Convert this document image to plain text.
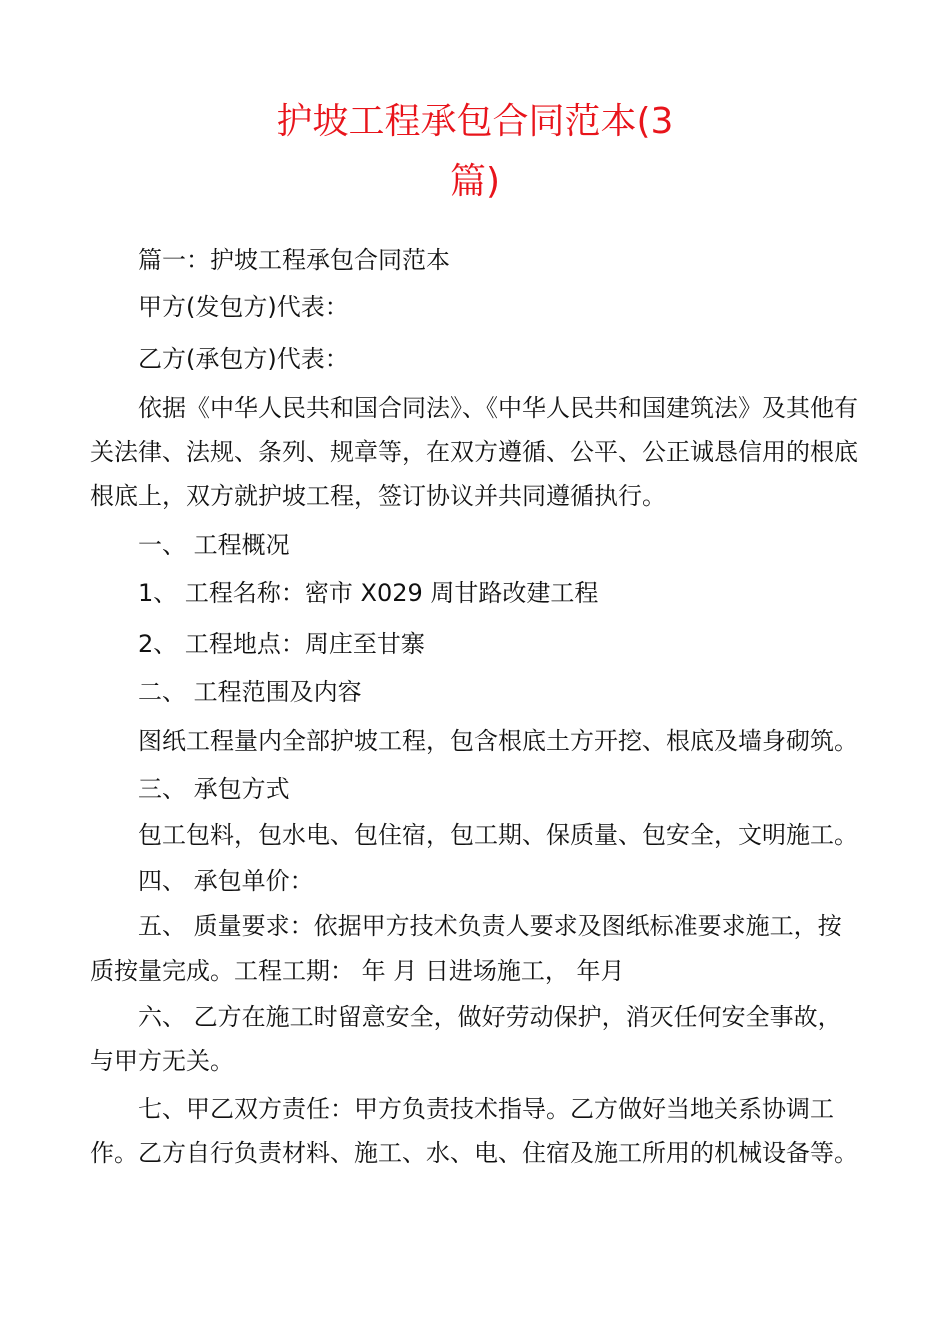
护坡工程承包合同范本(3
篇)
篇一：护坡工程承包合同范本
甲方(发包方)代表：
乙方(承包方)代表：
依据《中华人民共和国合同法》、《中华人民共和国建筑法》及其他有
关法律、法规、条列、规章等，在双方遵循、公平、公正诚恳信用的根底
根底上，双方就护坡工程，签订协议并共同遵循执行。
一、 工程概况
1、 工程名称：密市 X029 周甘路改建工程
2、 工程地点：周庄至甘寨
二、 工程范围及内容
图纸工程量内全部护坡工程，包含根底土方开挖、根底及墙身砌筑。
三、 承包方式
包工包料，包水电、包住宿，包工期、保质量、包安全，文明施工。
四、 承包单价：
五、 质量要求：依据甲方技术负责人要求及图纸标准要求施工，按
质按量完成。工程工期： 年 月 日进场施工， 年月
六、 乙方在施工时留意安全，做好劳动保护，消灭任何安全事故，
与甲方无关。
七、甲乙双方责任：甲方负责技术指导。乙方做好当地关系协调工
作。乙方自行负责材料、施工、水、电、住宿及施工所用的机械设备等。
